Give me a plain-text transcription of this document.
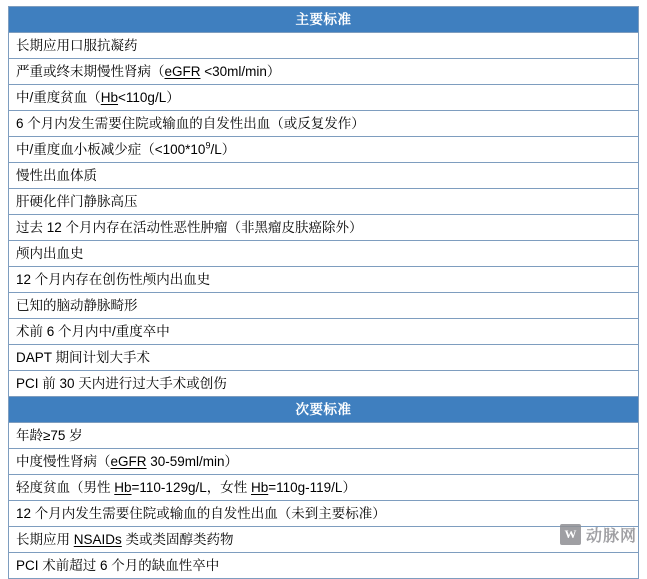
主要标准
长期应用口服抗凝药
严重或终末期慢性肾病（eGFR <30ml/min）
中/重度贫血（Hb<110g/L）
6 个月内发生需要住院或输血的自发性出血（或反复发作）
中/重度血小板减少症$(<100*10^9/L)$
慢性出血体质
肝硬化伴门静脉高压
过去 12 个月内存在活动性恶性肿瘤（非黑瘤皮肤癌除外）
颅内出血史
12 个月内存在创伤性颅内出血史
已知的脑动静脉畸形
术前 6 个月内中/重度卒中
DAPT 期间计划大手术
PCI 前 30 天内进行过大手术或创伤
次要标准
年龄≥75 岁
中度慢性肾病（eGFR 30-59ml/min）
轻度贫血（男性 Hb=110-129g/L，女性 Hb=110g-119/L）
12 个月内发生需要住院或输血的自发性出血（未到主要标准）
长期应用 NSAIDs 类或类固醇类药物
PCI 术前超过 6 个月的缺血性卒中
W 动脉网
